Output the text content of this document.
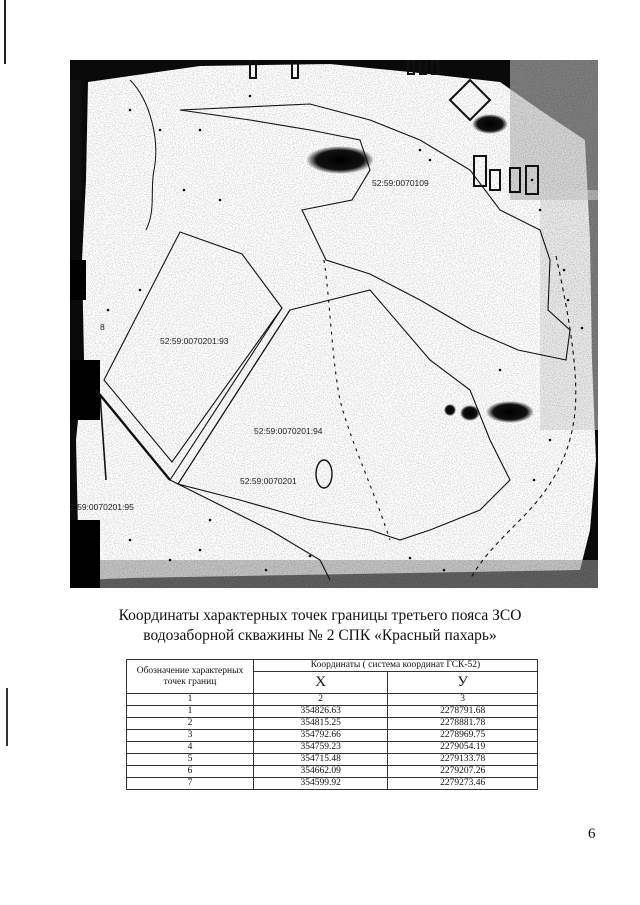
52:59:0070109
52:59:0070201:93
52:59:0070201:94
52:59:0070201
2:59:0070201:95
8
Координаты характерных точек границы третьего пояса ЗСО
водозаборной скважины № 2 СПК «Красный пахарь»
Обозначение характерных точек границ	Координаты ( система координат ГСК-52)	
	X	У
1	2	3
1	354826.63	2278791.68
2	354815.25	2278881.78
3	354792.66	2278969.75
4	354759.23	2279054.19
5	354715.48	2279133.78
6	354662.09	2279207.26
7	354599.92	2279273.46
6
